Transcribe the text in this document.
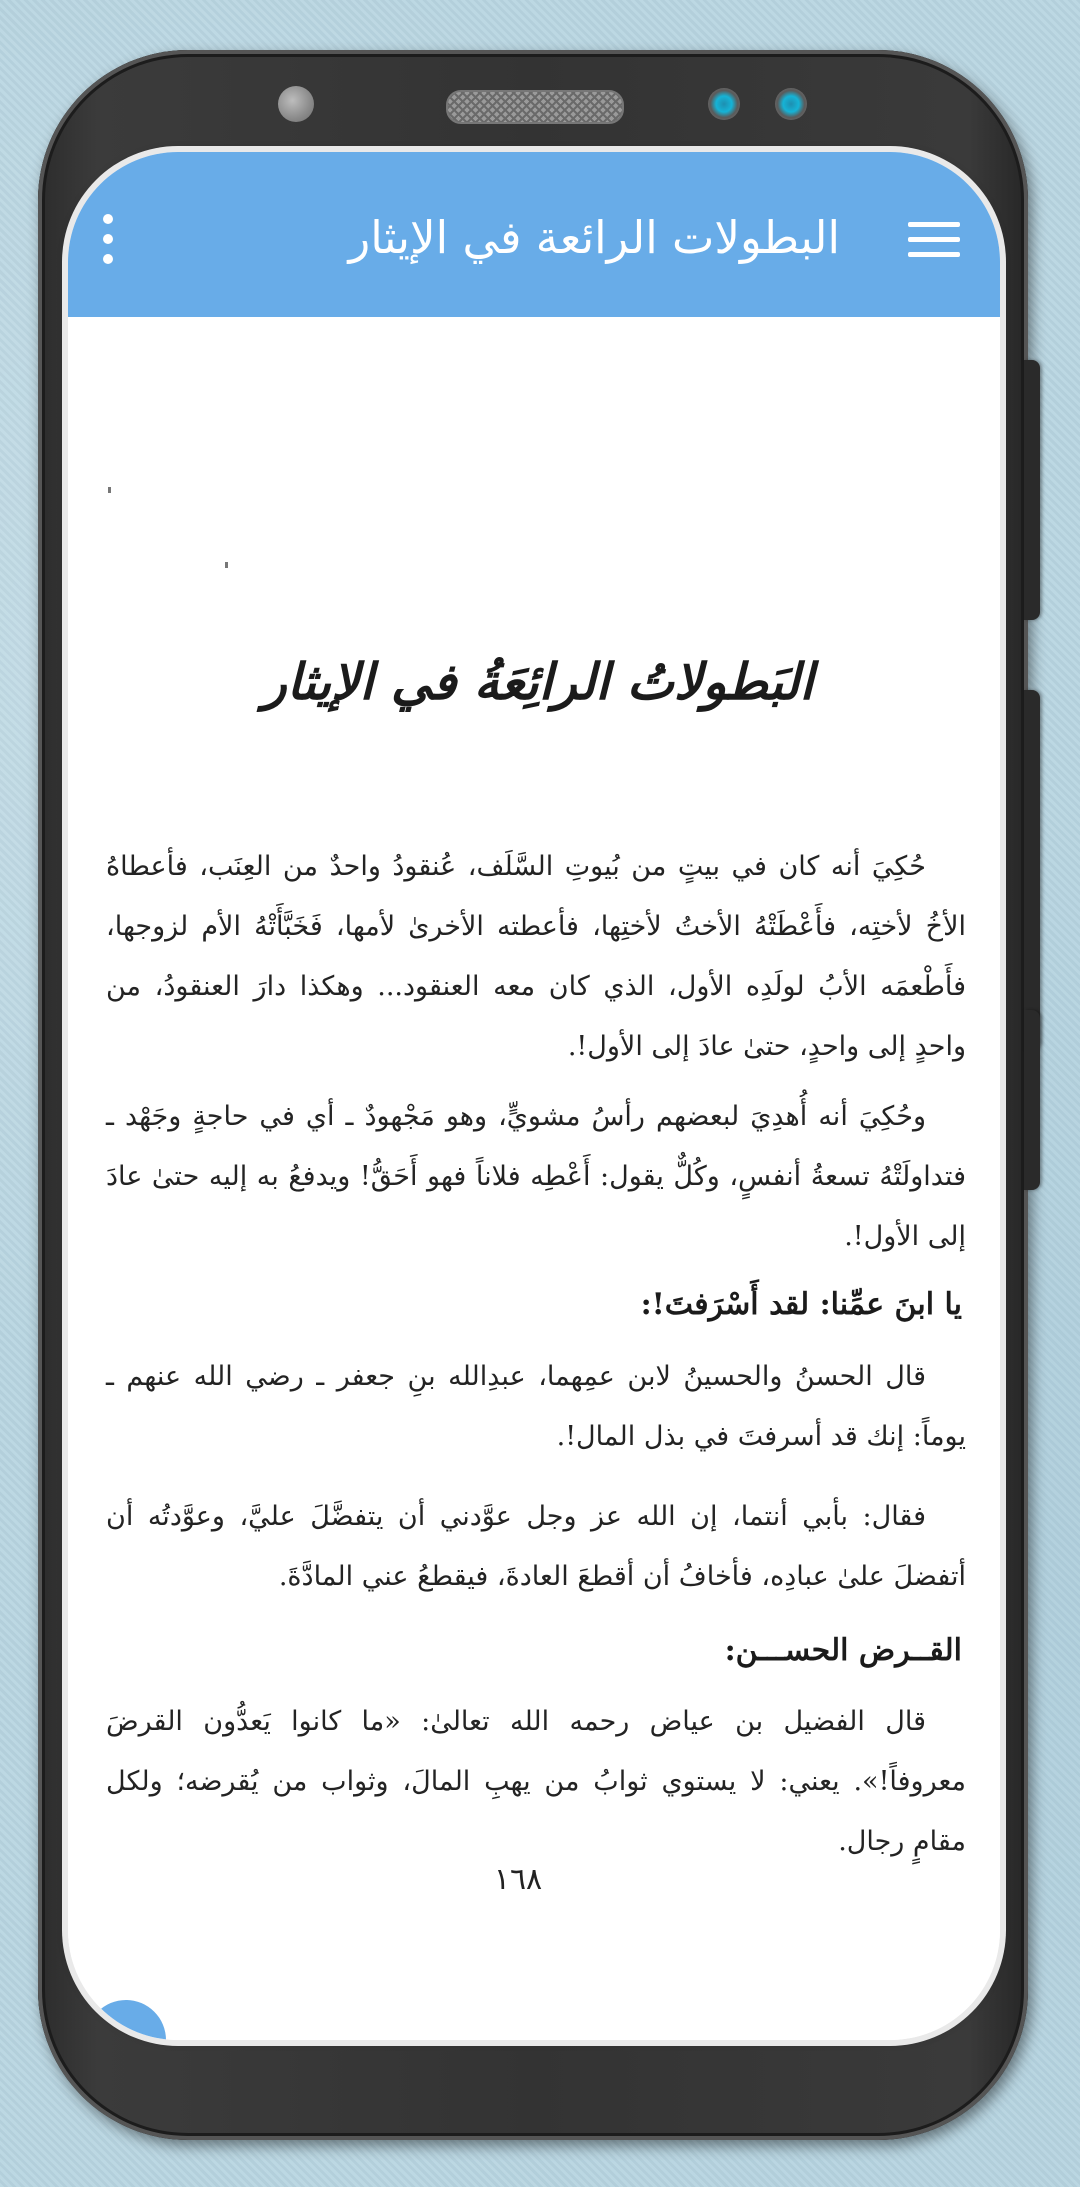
البطولات الرائعة في الإيثار
البَطولاتُ الرائِعَةُ في الإيثار
حُكِيَ أنه كان في بيتٍ من بُيوتِ السَّلَف، عُنقودُ واحدٌ من العِنَب، فأعطاهُ الأخُ لأختِه، فأَعْطَتْهُ الأختُ لأختِها، فأعطته الأخرىٰ لأمها، فَخَبَّأَتْهُ الأم لزوجها، فأَطْعمَه الأبُ لولَدِه الأول، الذي كان معه العنقود... وهكذا دارَ العنقودُ، من واحدٍ إلى واحدٍ، حتىٰ عادَ إلى الأول!.
وحُكِيَ أنه أُهدِيَ لبعضهم رأسُ مشويٍّ، وهو مَجْهودٌ ـ أي في حاجةٍ وجَهْد ـ فتداولَتْهُ تسعةُ أنفسٍ، وكُلٌّ يقول: أَعْطِه فلاناً فهو أَحَقُّ! ويدفعُ به إليه حتىٰ عادَ إلى الأول!.
يا ابنَ عمِّنا: لقد أَسْرَفتَ!:
قال الحسنُ والحسينُ لابن عمِهما، عبدِالله بنِ جعفر ـ رضي الله عنهم ـ يوماً: إنك قد أسرفتَ في بذل المال!.
فقال: بأبي أنتما، إن الله عز وجل عوَّدني أن يتفضَّلَ عليَّ، وعوَّدتُه أن أتفضلَ علىٰ عبادِه، فأخافُ أن أقطعَ العادةَ، فيقطعُ عني المادَّةَ.
القــرض الحســـن:
قال الفضيل بن عياض رحمه الله تعالىٰ: «ما كانوا يَعدُّون القرضَ معروفاً!». يعني: لا يستوي ثوابُ من يهبِ المالَ، وثواب من يُقرضه؛ ولكل مقامٍ رجال.
١٦٨
